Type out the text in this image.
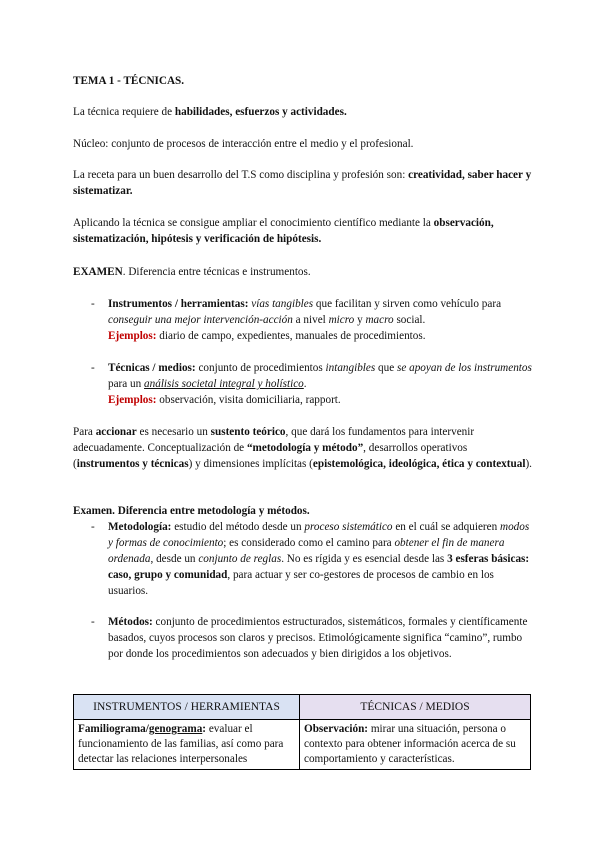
TEMA 1 - TÉCNICAS.

La técnica requiere de habilidades, esfuerzos y actividades.

Núcleo: conjunto de procesos de interacción entre el medio y el profesional.

La receta para un buen desarrollo del T.S como disciplina y profesión son: creatividad, saber hacer y sistematizar.

Aplicando la técnica se consigue ampliar el conocimiento científico mediante la observación, sistematización, hipótesis y verificación de hipótesis.

EXAMEN. Diferencia entre técnicas e instrumentos.

- Instrumentos / herramientas: vías tangibles que facilitan y sirven como vehículo para conseguir una mejor intervención-acción a nivel micro y macro social.
Ejemplos: diario de campo, expedientes, manuales de procedimientos.

- Técnicas / medios: conjunto de procedimientos intangibles que se apoyan de los instrumentos para un análisis societal integral y holístico.
Ejemplos: observación, visita domiciliaria, rapport.

Para accionar es necesario un sustento teórico, que dará los fundamentos para intervenir adecuadamente. Conceptualización de “metodología y método”, desarrollos operativos (instrumentos y técnicas) y dimensiones implícitas (epistemológica, ideológica, ética y contextual).

Examen. Diferencia entre metodología y métodos.

- Metodología: estudio del método desde un proceso sistemático en el cuál se adquieren modos y formas de conocimiento; es considerado como el camino para obtener el fin de manera ordenada, desde un conjunto de reglas. No es rígida y es esencial desde las 3 esferas básicas: caso, grupo y comunidad, para actuar y ser co-gestores de procesos de cambio en los usuarios.

- Métodos: conjunto de procedimientos estructurados, sistemáticos, formales y científicamente basados, cuyos procesos son claros y precisos. Etimológicamente significa “camino”, rumbo por donde los procedimientos son adecuados y bien dirigidos a los objetivos.

INSTRUMENTOS / HERRAMIENTAS	TÉCNICAS / MEDIOS
Familiograma/genograma: evaluar el funcionamiento de las familias, así como para detectar las relaciones interpersonales	Observación: mirar una situación, persona o contexto para obtener información acerca de su comportamiento y características.
